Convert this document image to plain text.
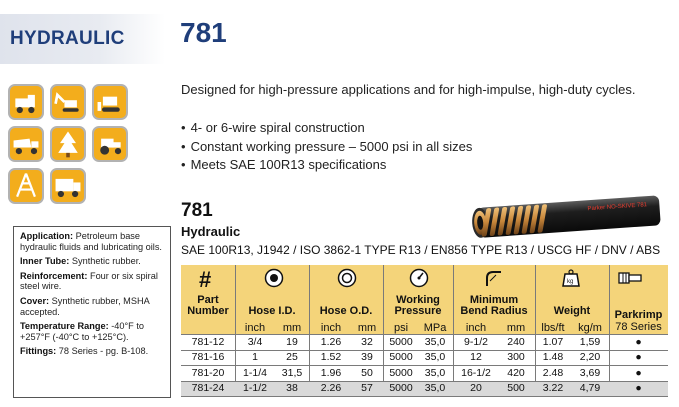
HYDRAULIC 781
Designed for high-pressure applications and for high-impulse, high-duty cycles.
• 4- or 6-wire spiral construction
• Constant working pressure – 5000 psi in all sizes
• Meets SAE 100R13 specifications
Parker NO-SKIVE 781
781
Hydraulic
SAE 100R13, J1942 / ISO 3862-1 TYPE R13 / EN856 TYPE R13 / USCG HF / DNV / ABS

Application: Petroleum base hydraulic fluids and lubricating oils.

Inner Tube: Synthetic rubber.

Reinforcement: Four or six spiral steel wire.

Cover: Synthetic rubber, MSHA accepted.

Temperature Range: -40°F to +257°F (-40°C to +125°C).

Fittings: 78 Series - pg. B-108.

#	kg
Part
Number	Hose I.D.	Hose O.D.
Working
Pressure
Minimum
Bend Radius	Weight	Parkrimp
78 Series
inch	mm	inch	mm	psi	MPa	inch	mm	lbs/ft	kg/m
781-12	3/4	19	1.26	32	5000	35,0	9-1/2	240	1.07	1,59	●
781-16	1	25	1.52	39	5000	35,0	12	300	1.48	2,20	●
781-20	1-1/4	31,5	1.96	50	5000	35,0	16-1/2	420	2.48	3,69	●
781-24	1-1/2	38	2.26	57	5000	35,0	20	500	3.22	4,79	●
